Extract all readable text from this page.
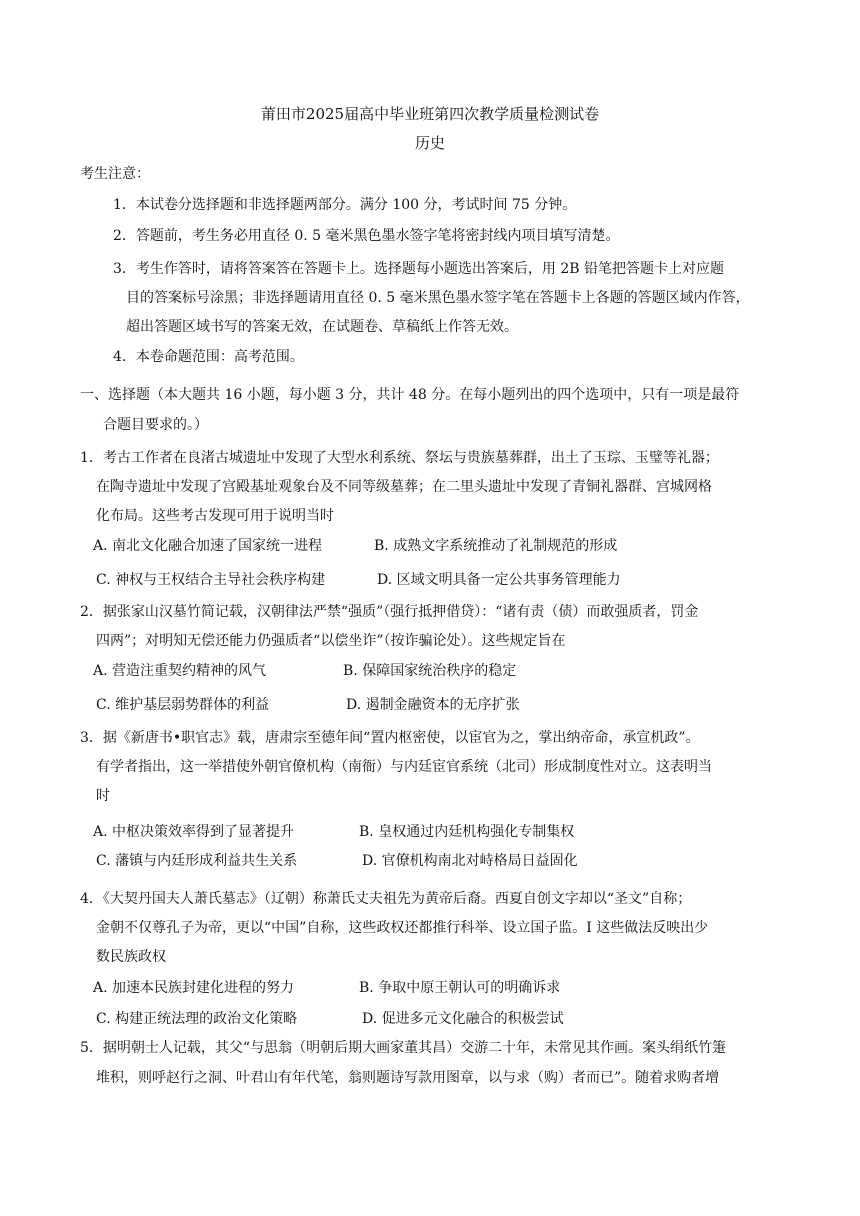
莆田市2025届高中毕业班第四次教学质量检测试卷
历史
考生注意：
1．本试卷分选择题和非选择题两部分。满分 100 分，考试时间 75 分钟。
2．答题前，考生务必用直径 0. 5 毫米黑色墨水签字笔将密封线内项目填写清楚。
3．考生作答时，请将答案答在答题卡上。选择题每小题选出答案后，用 2B 铅笔把答题卡上对应题
目的答案标号涂黑；非选择题请用直径 0. 5 毫米黑色墨水签字笔在答题卡上各题的答题区域内作答，
超出答题区域书写的答案无效，在试题卷、草稿纸上作答无效。
4．本卷命题范围：高考范围。
一、选择题（本大题共 16 小题，每小题 3 分，共计 48 分。在每小题列出的四个选项中，只有一项是最符
合题目要求的。）
1．考古工作者在良渚古城遗址中发现了大型水利系统、祭坛与贵族墓葬群，出土了玉琮、玉璧等礼器；
在陶寺遗址中发现了宫殿基址观象台及不同等级墓葬；在二里头遗址中发现了青铜礼器群、宫城网格
化布局。这些考古发现可用于说明当时
A. 南北文化融合加速了国家统一进程	B. 成熟文字系统推动了礼制规范的形成
C. 神权与王权结合主导社会秩序构建	D. 区域文明具备一定公共事务管理能力
2．据张家山汉墓竹简记载，汉朝律法严禁“强质”（强行抵押借贷）：“诸有责（债）而敢强质者，罚金
四两”；对明知无偿还能力仍强质者“以偿坐诈”（按诈骗论处）。这些规定旨在
A. 营造注重契约精神的风气	B. 保障国家统治秩序的稳定
C. 维护基层弱势群体的利益	D. 遏制金融资本的无序扩张
3．据《新唐书•职官志》载，唐肃宗至德年间“置内枢密使，以宦官为之，掌出纳帝命，承宣机政”。
有学者指出，这一举措使外朝官僚机构（南衙）与内廷宦官系统（北司）形成制度性对立。这表明当
时
A. 中枢决策效率得到了显著提升	B. 皇权通过内廷机构强化专制集权
C. 藩镇与内廷形成利益共生关系	D. 官僚机构南北对峙格局日益固化
4．《大契丹国夫人萧氏墓志》（辽朝）称萧氏丈夫祖先为黄帝后裔。西夏自创文字却以“圣文”自称；
金朝不仅尊孔子为帝，更以“中国”自称，这些政权还都推行科举、设立国子监。I 这些做法反映出少
数民族政权
A. 加速本民族封建化进程的努力	B. 争取中原王朝认可的明确诉求
C. 构建正统法理的政治文化策略	D. 促进多元文化融合的积极尝试
5．据明朝士人记载，其父“与思翁（明朝后期大画家董其昌）交游二十年，未常见其作画。案头绢纸竹箑
堆积，则呼赵行之洞、叶君山有年代笔，翁则题诗写款用图章，以与求（购）者而已”。随着求购者增
